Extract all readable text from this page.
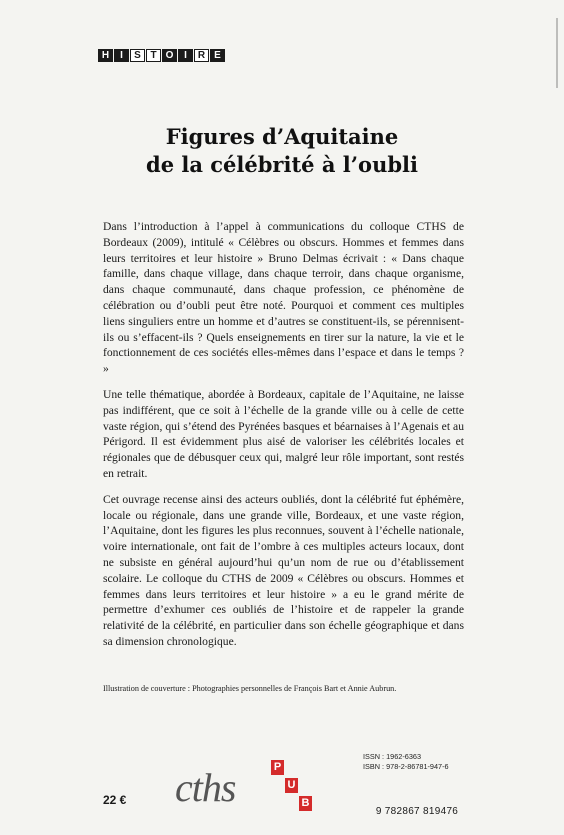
H	I	S T O	I	R E
Figures d’Aquitaine
de la célébrité à l’oubli

Dans l’introduction à l’appel à communications du colloque CTHS de Bordeaux (2009), intitulé « Célèbres ou obscurs. Hommes et femmes dans leurs territoires et leur histoire » Bruno Delmas écrivait : « Dans chaque famille, dans chaque village, dans chaque terroir, dans chaque organisme, dans chaque communauté, dans chaque profession, ce phénomène de célébration ou d’oubli peut être noté. Pourquoi et comment ces multiples liens singuliers entre un homme et d’autres se constituent-ils, se pérennisent-ils ou s’effacent-ils ? Quels enseignements en tirer sur la nature, la vie et le fonctionnement de ces sociétés elles-mêmes dans l’espace et dans le temps ? »

Une telle thématique, abordée à Bordeaux, capitale de l’Aquitaine, ne laisse pas indifférent, que ce soit à l’échelle de la grande ville ou à celle de cette vaste région, qui s’étend des Pyrénées basques et béarnaises à l’Agenais et au Périgord. Il est évidemment plus aisé de valoriser les célébrités locales et régionales que de débusquer ceux qui, malgré leur rôle important, sont restés en retrait.

Cet ouvrage recense ainsi des acteurs oubliés, dont la célébrité fut éphémère, locale ou régionale, dans une grande ville, Bordeaux, et une vaste région, l’Aquitaine, dont les figures les plus reconnues, souvent à l’échelle nationale, voire internationale, ont fait de l’ombre à ces multiples acteurs locaux, dont ne subsiste en général aujourd’hui qu’un nom de rue ou d’établissement scolaire. Le colloque du CTHS de 2009 « Célèbres ou obscurs. Hommes et femmes dans leurs territoires et leur histoire » a eu le grand mérite de permettre d’exhumer ces oubliés de l’histoire et de rappeler la grande relativité de la célébrité, en particulier dans son échelle géographique et dans sa dimension chronologique.

Illustration de couverture : Photographies personnelles de François Bart et Annie Aubrun.
22 € cths	P
U
B

ISSN : 1962-6363

ISBN : 978-2-86781-947-6

9 782867 819476
